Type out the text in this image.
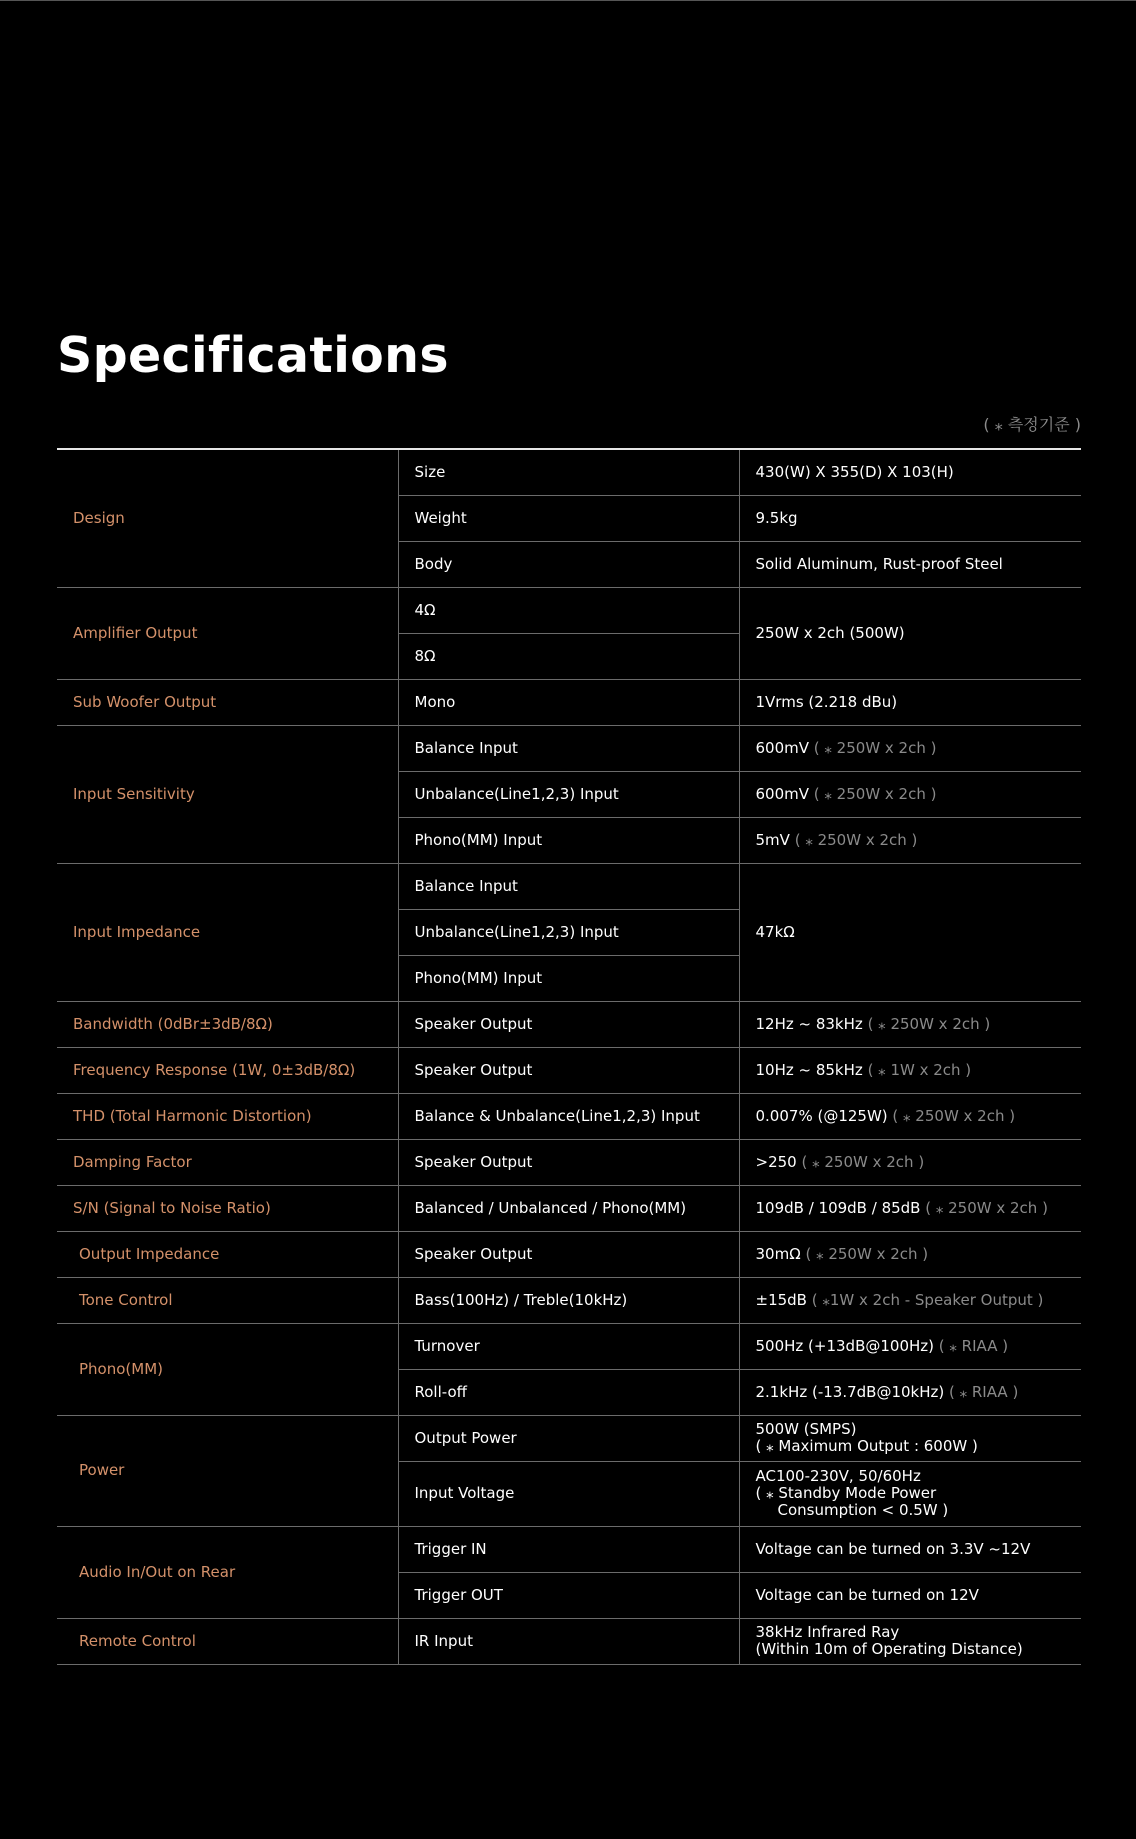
Specifications
( ⁎ 측정기준 )
Design	Size	430(W) X 355(D) X 103(H)
	Weight	9.5kg
	Body	Solid Aluminum, Rust-proof Steel
Amplifier Output	4Ω	250W x 2ch (500W)
	8Ω	
Sub Woofer Output	Mono	1Vrms (2.218 dBu)
Input Sensitivity	Balance Input	600mV ( ⁎ 250W x 2ch )
	Unbalance(Line1,2,3) Input	600mV ( ⁎ 250W x 2ch )
	Phono(MM) Input	5mV ( ⁎ 250W x 2ch )
Input Impedance	Balance Input	47kΩ
	Unbalance(Line1,2,3) Input	
	Phono(MM) Input	
Bandwidth (0dBr±3dB/8Ω)	Speaker Output	12Hz ~ 83kHz ( ⁎ 250W x 2ch )
Frequency Response (1W, 0±3dB/8Ω)	Speaker Output	10Hz ~ 85kHz ( ⁎ 1W x 2ch )
THD (Total Harmonic Distortion)	Balance & Unbalance(Line1,2,3) Input	0.007% (@125W) ( ⁎ 250W x 2ch )
Damping Factor	Speaker Output	>250 ( ⁎ 250W x 2ch )
S/N (Signal to Noise Ratio)	Balanced / Unbalanced / Phono(MM)	109dB / 109dB / 85dB ( ⁎ 250W x 2ch )
Output Impedance	Speaker Output	30mΩ ( ⁎ 250W x 2ch )
Tone Control	Bass(100Hz) / Treble(10kHz)	±15dB ( ⁎1W x 2ch - Speaker Output )
Phono(MM)	Turnover	500Hz (+13dB@100Hz) ( ⁎ RIAA )
	Roll-off	2.1kHz (-13.7dB@10kHz) ( ⁎ RIAA )
Power	Output Power	500W (SMPS)
( ⁎ Maximum Output : 600W )

	Input Voltage	AC100-230V, 50/60Hz
( ⁎ Standby Mode Power
Consumption < 0.5W )

Audio In/Out on Rear	Trigger IN	Voltage can be turned on 3.3V ~12V
	Trigger OUT	Voltage can be turned on 12V
Remote Control	IR Input	38kHz Infrared Ray
(Within 10m of Operating Distance)
